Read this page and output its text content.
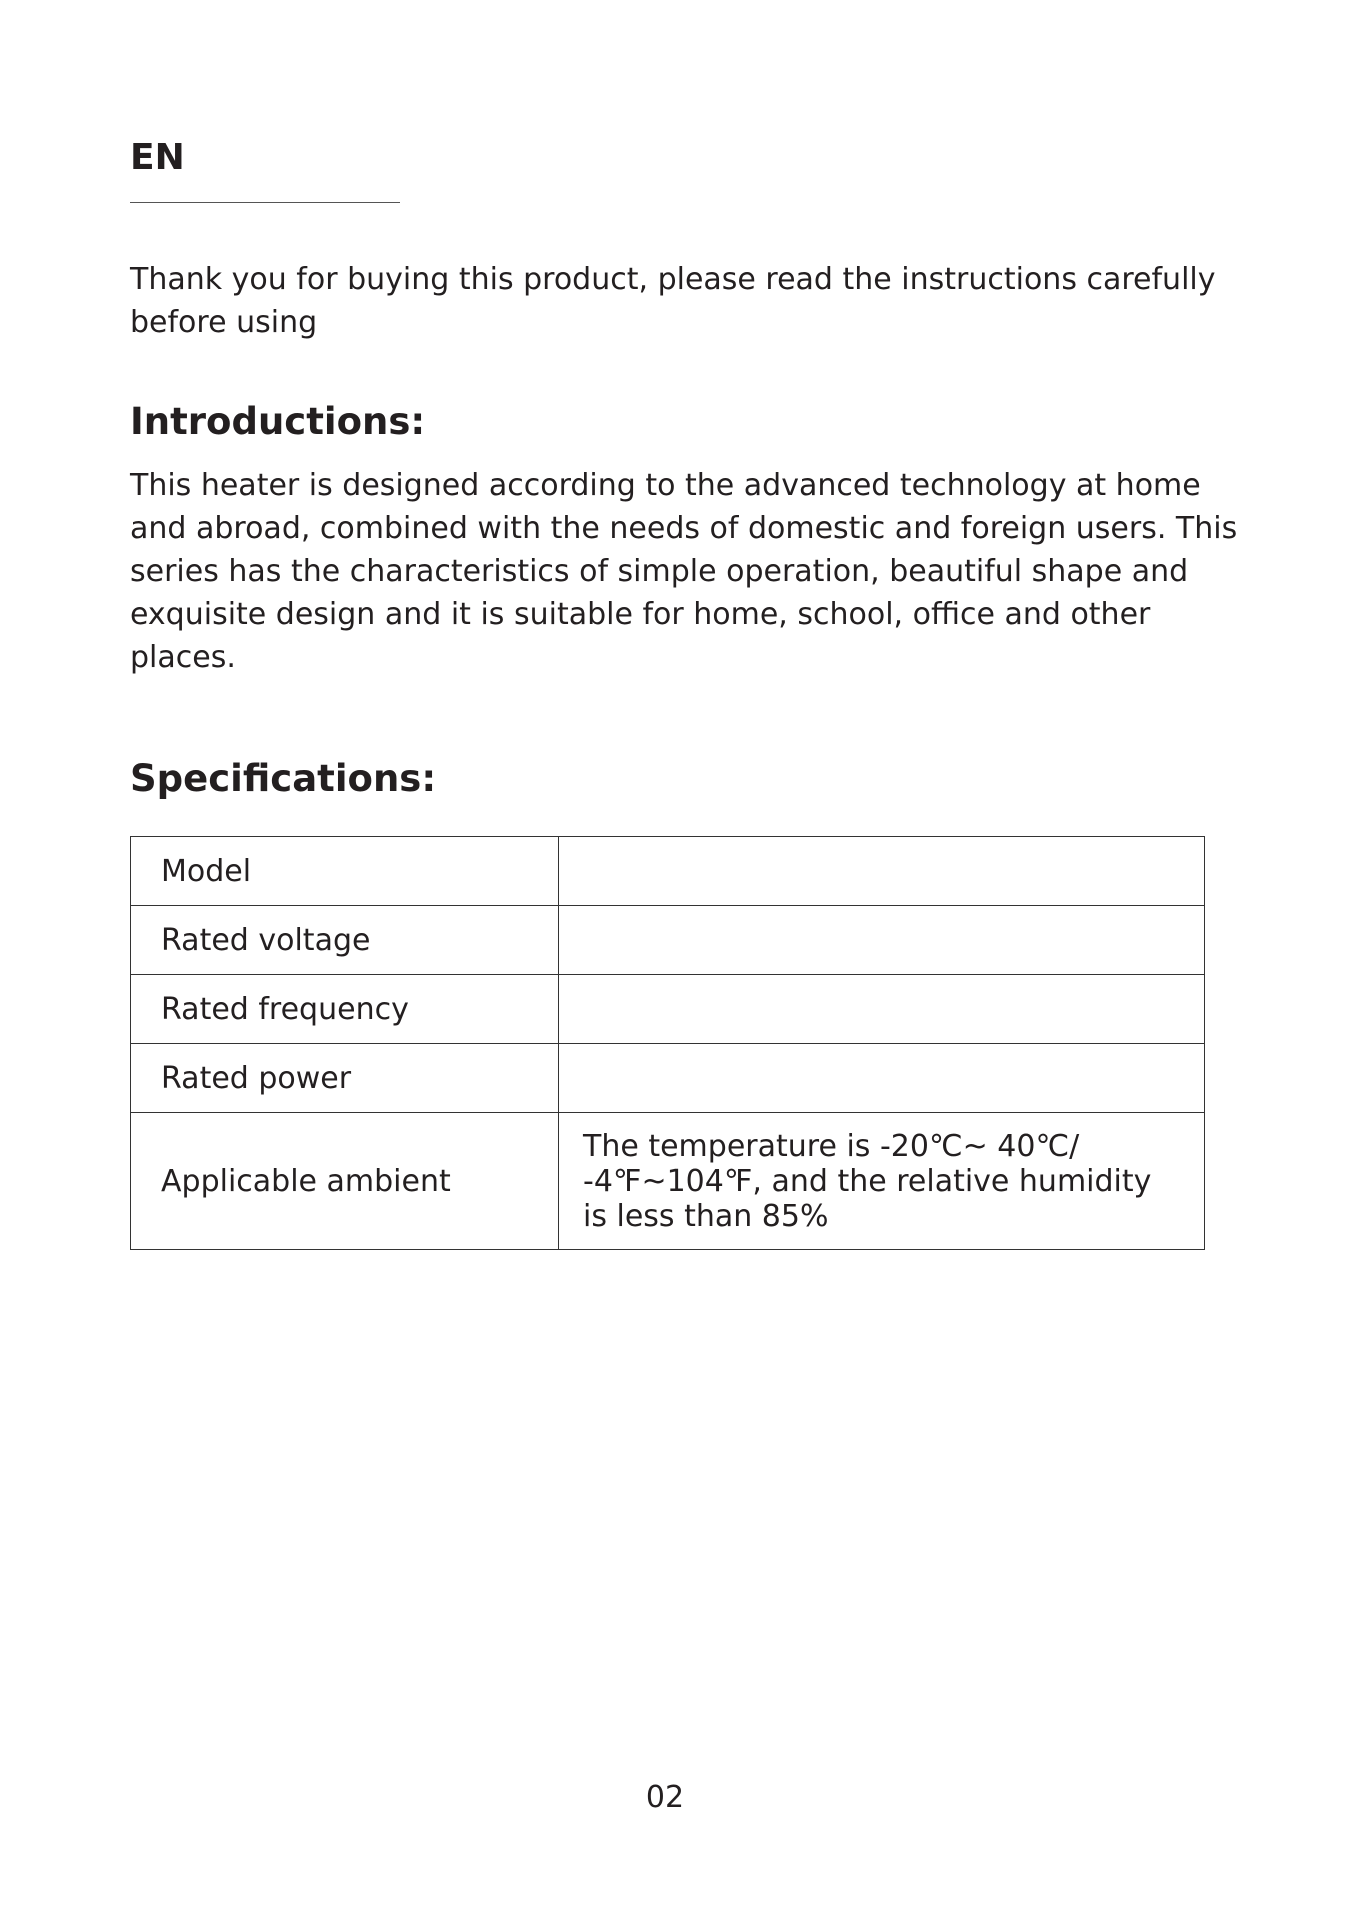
EN

Thank you for buying this product, please read the instructions carefully before using

Introductions:

This heater is designed according to the advanced technology at home and abroad, combined with the needs of domestic and foreign users. This series has the characteristics of simple operation, beautiful shape and exquisite design and it is suitable for home, school, office and other places.

Specifications:
Model	
Rated voltage	
Rated frequency	
Rated power	
Applicable ambient	The temperature is -20℃~ 40℃/ -4℉~104℉, and the relative humidity is less than 85%

02
